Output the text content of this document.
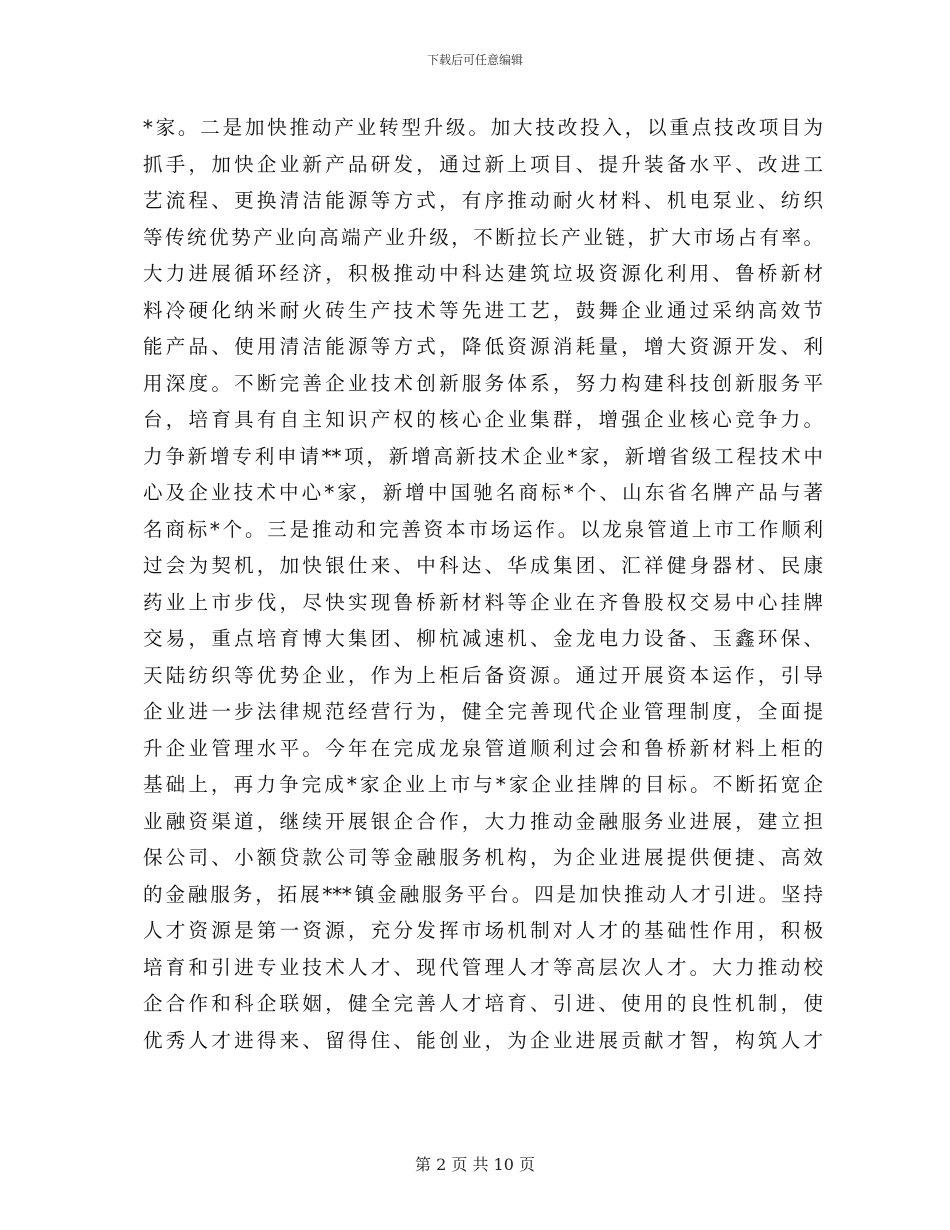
下载后可任意编辑
*家。二是加快推动产业转型升级。加大技改投入，以重点技改项目为
抓手，加快企业新产品研发，通过新上项目、提升装备水平、改进工
艺流程、更换清洁能源等方式，有序推动耐火材料、机电泵业、纺织
等传统优势产业向高端产业升级，不断拉长产业链，扩大市场占有率。
大力进展循环经济，积极推动中科达建筑垃圾资源化利用、鲁桥新材
料冷硬化纳米耐火砖生产技术等先进工艺，鼓舞企业通过采纳高效节
能产品、使用清洁能源等方式，降低资源消耗量，增大资源开发、利
用深度。不断完善企业技术创新服务体系，努力构建科技创新服务平
台，培育具有自主知识产权的核心企业集群，增强企业核心竞争力。
力争新增专利申请**项，新增高新技术企业*家，新增省级工程技术中
心及企业技术中心*家，新增中国驰名商标*个、山东省名牌产品与著
名商标*个。三是推动和完善资本市场运作。以龙泉管道上市工作顺利
过会为契机，加快银仕来、中科达、华成集团、汇祥健身器材、民康
药业上市步伐，尽快实现鲁桥新材料等企业在齐鲁股权交易中心挂牌
交易，重点培育博大集团、柳杭减速机、金龙电力设备、玉鑫环保、
天陆纺织等优势企业，作为上柜后备资源。通过开展资本运作，引导
企业进一步法律规范经营行为，健全完善现代企业管理制度，全面提
升企业管理水平。今年在完成龙泉管道顺利过会和鲁桥新材料上柜的
基础上，再力争完成*家企业上市与*家企业挂牌的目标。不断拓宽企
业融资渠道，继续开展银企合作，大力推动金融服务业进展，建立担
保公司、小额贷款公司等金融服务机构，为企业进展提供便捷、高效
的金融服务，拓展***镇金融服务平台。四是加快推动人才引进。坚持
人才资源是第一资源，充分发挥市场机制对人才的基础性作用，积极
培育和引进专业技术人才、现代管理人才等高层次人才。大力推动校
企合作和科企联姻，健全完善人才培育、引进、使用的良性机制，使
优秀人才进得来、留得住、能创业，为企业进展贡献才智，构筑人才
第 2 页 共 10 页
